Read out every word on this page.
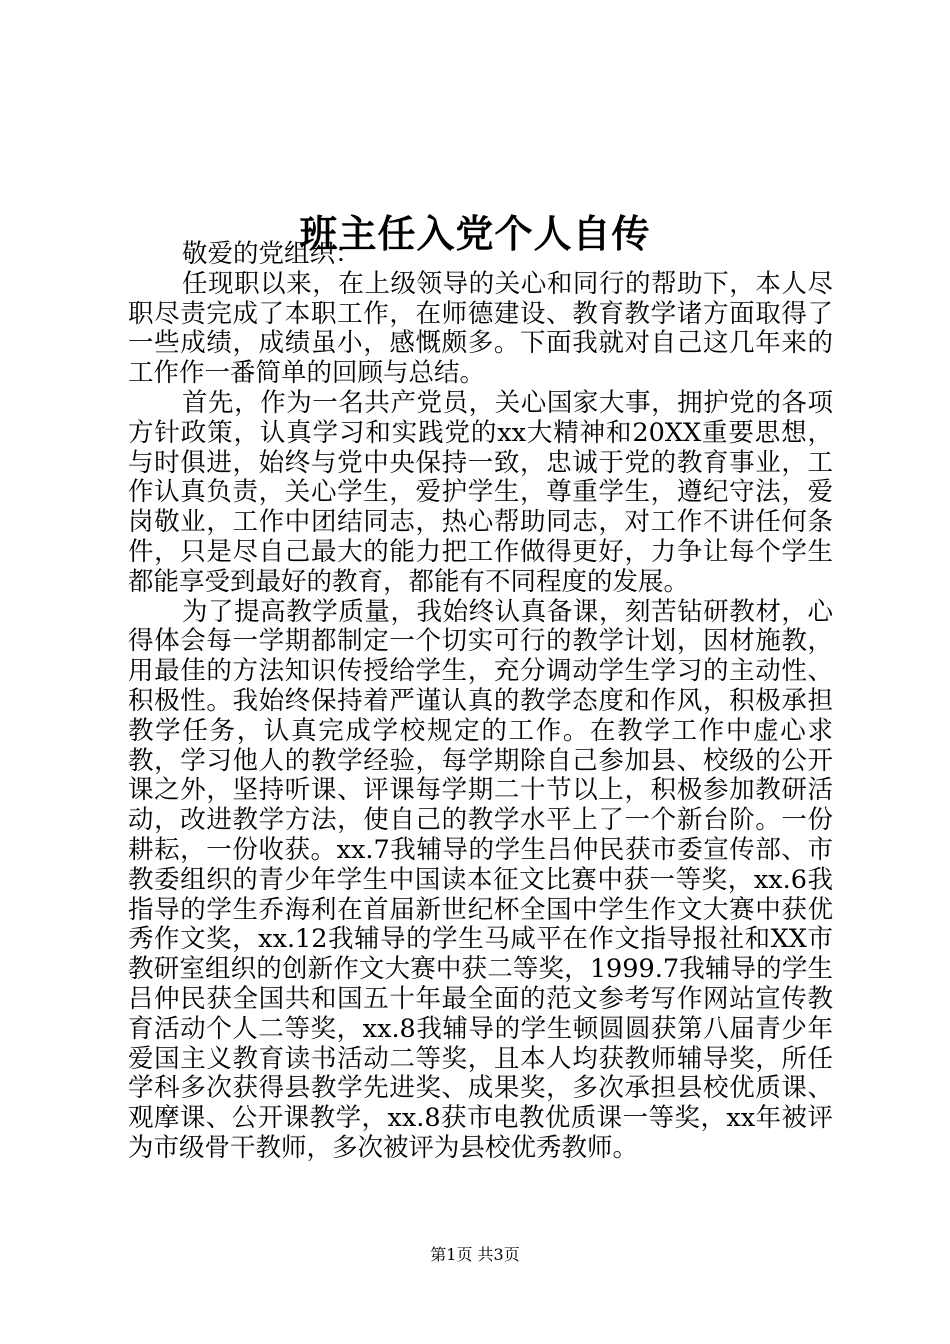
班主任入党个人自传

敬爱的党组织：

任现职以来，在上级领导的关心和同行的帮助下，本人尽职尽责完成了本职工作，在师德建设、教育教学诸方面取得了一些成绩，成绩虽小，感慨颇多。下面我就对自己这几年来的工作作一番简单的回顾与总结。

首先，作为一名共产党员，关心国家大事，拥护党的各项方针政策，认真学习和实践党的xx大精神和20XX重要思想，与时俱进，始终与党中央保持一致，忠诚于党的教育事业，工作认真负责，关心学生，爱护学生，尊重学生，遵纪守法，爱岗敬业，工作中团结同志，热心帮助同志，对工作不讲任何条件，只是尽自己最大的能力把工作做得更好，力争让每个学生都能享受到最好的教育，都能有不同程度的发展。

为了提高教学质量，我始终认真备课，刻苦钻研教材，心得体会每一学期都制定一个切实可行的教学计划，因材施教，用最佳的方法知识传授给学生，充分调动学生学习的主动性、积极性。我始终保持着严谨认真的教学态度和作风，积极承担教学任务，认真完成学校规定的工作。在教学工作中虚心求教，学习他人的教学经验，每学期除自己参加县、校级的公开课之外，坚持听课、评课每学期二十节以上，积极参加教研活动，改进教学方法，使自己的教学水平上了一个新台阶。一份耕耘，一份收获。xx.7我辅导的学生吕仲民获市委宣传部、市教委组织的青少年学生中国读本征文比赛中获一等奖，xx.6我指导的学生乔海利在首届新世纪杯全国中学生作文大赛中获优秀作文奖，xx.12我辅导的学生马咸平在作文指导报社和XX市教研室组织的创新作文大赛中获二等奖，1999.7我辅导的学生吕仲民获全国共和国五十年最全面的范文参考写作网站宣传教育活动个人二等奖，xx.8我辅导的学生顿圆圆获第八届青少年爱国主义教育读书活动二等奖，且本人均获教师辅导奖，所任学科多次获得县教学先进奖、成果奖，多次承担县校优质课、观摩课、公开课教学，xx.8获市电教优质课一等奖，xx年被评为市级骨干教师，多次被评为县校优秀教师。

第1页 共3页
